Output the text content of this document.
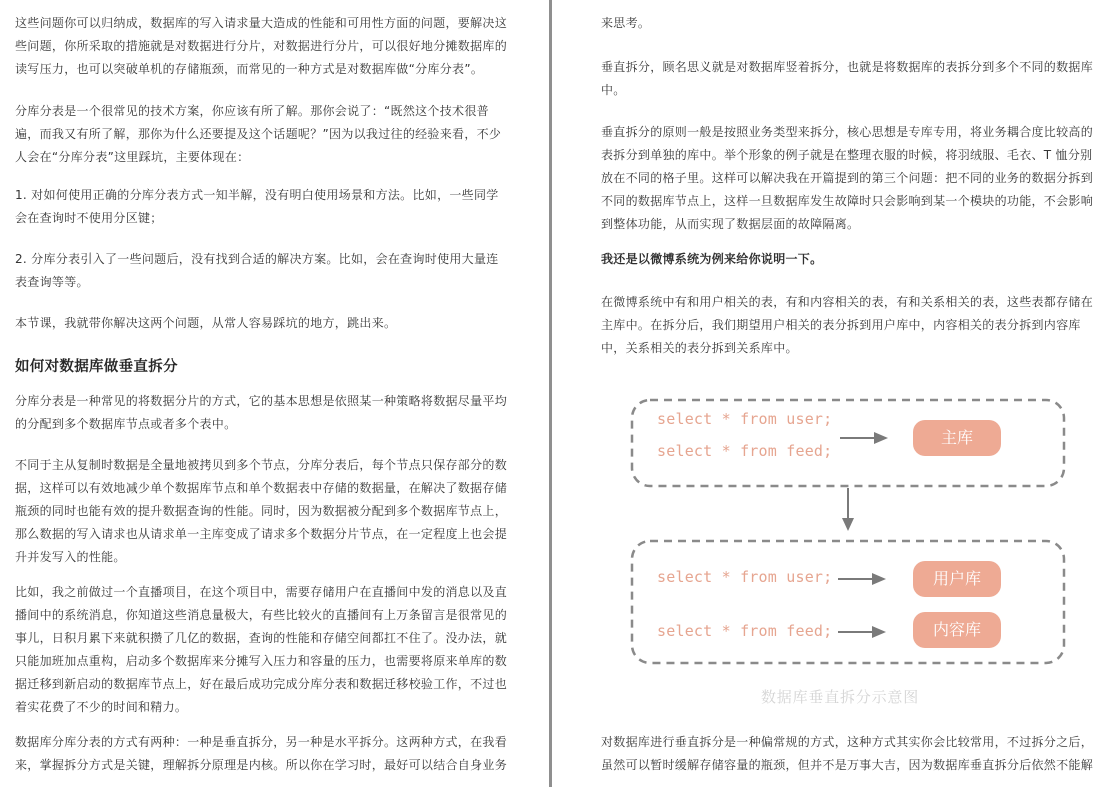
这些问题你可以归纳成，数据库的写入请求量大造成的性能和可用性方面的问题，要解决这
些问题，你所采取的措施就是对数据进行分片，对数据进行分片，可以很好地分摊数据库的
读写压力，也可以突破单机的存储瓶颈，而常见的一种方式是对数据库做“分库分表”。
分库分表是一个很常见的技术方案，你应该有所了解。那你会说了：“既然这个技术很普
遍，而我又有所了解，那你为什么还要提及这个话题呢？”因为以我过往的经验来看，不少
人会在“分库分表”这里踩坑，主要体现在：
1. 对如何使用正确的分库分表方式一知半解，没有明白使用场景和方法。比如，一些同学
会在查询时不使用分区键；
2. 分库分表引入了一些问题后，没有找到合适的解决方案。比如，会在查询时使用大量连
表查询等等。
本节课，我就带你解决这两个问题，从常人容易踩坑的地方，跳出来。
如何对数据库做垂直拆分
分库分表是一种常见的将数据分片的方式，它的基本思想是依照某一种策略将数据尽量平均
的分配到多个数据库节点或者多个表中。
不同于主从复制时数据是全量地被拷贝到多个节点，分库分表后，每个节点只保存部分的数
据，这样可以有效地减少单个数据库节点和单个数据表中存储的数据量，在解决了数据存储
瓶颈的同时也能有效的提升数据查询的性能。同时，因为数据被分配到多个数据库节点上，
那么数据的写入请求也从请求单一主库变成了请求多个数据分片节点，在一定程度上也会提
升并发写入的性能。
比如，我之前做过一个直播项目，在这个项目中，需要存储用户在直播间中发的消息以及直
播间中的系统消息，你知道这些消息量极大，有些比较火的直播间有上万条留言是很常见的
事儿，日积月累下来就积攒了几亿的数据，查询的性能和存储空间都扛不住了。没办法，就
只能加班加点重构，启动多个数据库来分摊写入压力和容量的压力，也需要将原来单库的数
据迁移到新启动的数据库节点上，好在最后成功完成分库分表和数据迁移校验工作，不过也
着实花费了不少的时间和精力。
数据库分库分表的方式有两种：一种是垂直拆分，另一种是水平拆分。这两种方式，在我看
来，掌握拆分方式是关键，理解拆分原理是内核。所以你在学习时，最好可以结合自身业务
来思考。
垂直拆分，顾名思义就是对数据库竖着拆分，也就是将数据库的表拆分到多个不同的数据库
中。
垂直拆分的原则一般是按照业务类型来拆分，核心思想是专库专用，将业务耦合度比较高的
表拆分到单独的库中。举个形象的例子就是在整理衣服的时候，将羽绒服、毛衣、T 恤分别
放在不同的格子里。这样可以解决我在开篇提到的第三个问题：把不同的业务的数据分拆到
不同的数据库节点上，这样一旦数据库发生故障时只会影响到某一个模块的功能，不会影响
到整体功能，从而实现了数据层面的故障隔离。
我还是以微博系统为例来给你说明一下。
在微博系统中有和用户相关的表，有和内容相关的表，有和关系相关的表，这些表都存储在
主库中。在拆分后，我们期望用户相关的表分拆到用户库中，内容相关的表分拆到内容库
中，关系相关的表分拆到关系库中。
select * from user;
select * from feed;
主库
select * from user;
select * from feed;
用户库
内容库
数据库垂直拆分示意图
对数据库进行垂直拆分是一种偏常规的方式，这种方式其实你会比较常用，不过拆分之后，
虽然可以暂时缓解存储容量的瓶颈，但并不是万事大吉，因为数据库垂直拆分后依然不能解
